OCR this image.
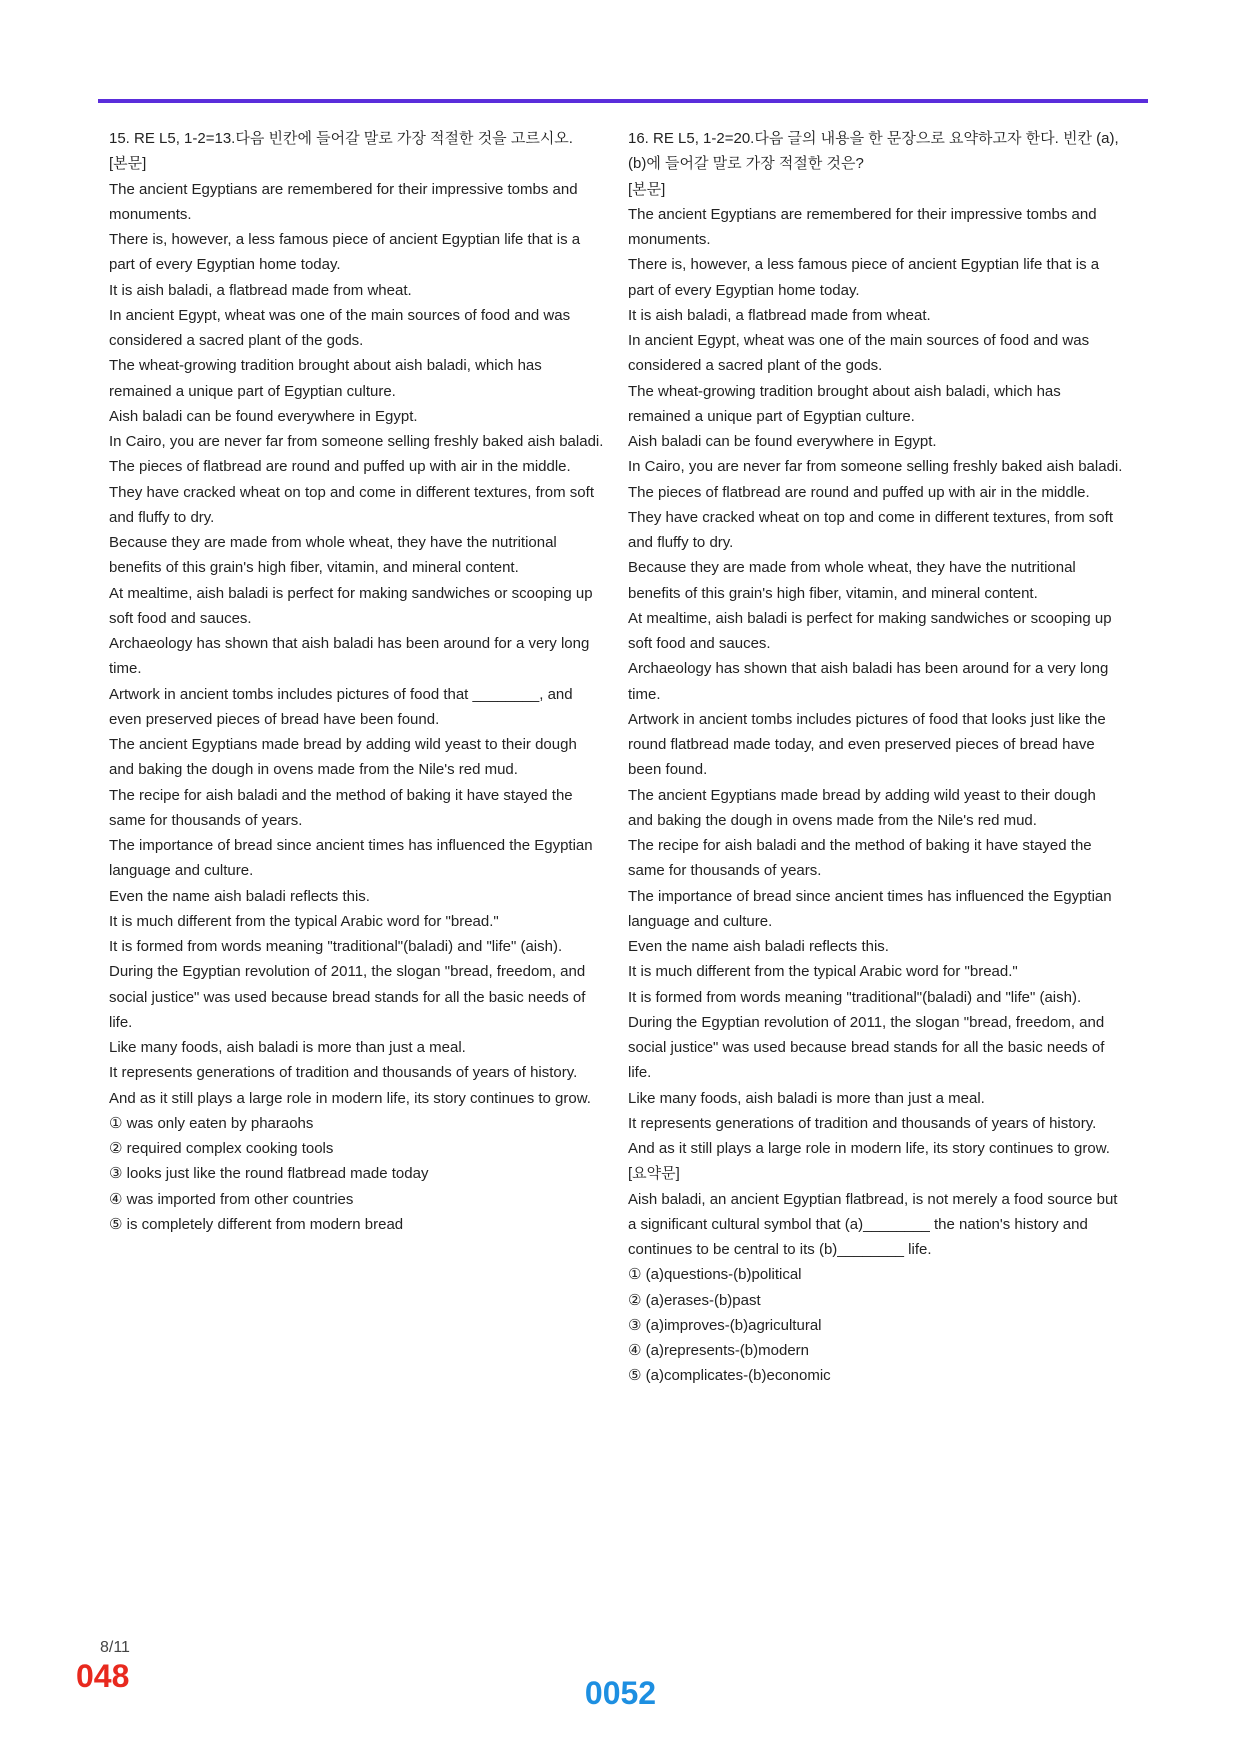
15. RE L5, 1-2=13.다음 빈칸에 들어갈 말로 가장 적절한 것을 고르시오.
[본문]
The ancient Egyptians are remembered for their impressive tombs and
monuments.
There is, however, a less famous piece of ancient Egyptian life that is a
part of every Egyptian home today.
It is aish baladi, a flatbread made from wheat.
In ancient Egypt, wheat was one of the main sources of food and was
considered a sacred plant of the gods.
The wheat-growing tradition brought about aish baladi, which has
remained a unique part of Egyptian culture.
Aish baladi can be found everywhere in Egypt.
In Cairo, you are never far from someone selling freshly baked aish baladi.
The pieces of flatbread are round and puffed up with air in the middle.
They have cracked wheat on top and come in different textures, from soft
and fluffy to dry.
Because they are made from whole wheat, they have the nutritional
benefits of this grain's high fiber, vitamin, and mineral content.
At mealtime, aish baladi is perfect for making sandwiches or scooping up
soft food and sauces.
Archaeology has shown that aish baladi has been around for a very long
time.
Artwork in ancient tombs includes pictures of food that ________, and
even preserved pieces of bread have been found.
The ancient Egyptians made bread by adding wild yeast to their dough
and baking the dough in ovens made from the Nile's red mud.
The recipe for aish baladi and the method of baking it have stayed the
same for thousands of years.
The importance of bread since ancient times has influenced the Egyptian
language and culture.
Even the name aish baladi reflects this.
It is much different from the typical Arabic word for "bread."
It is formed from words meaning "traditional"(baladi) and "life" (aish).
During the Egyptian revolution of 2011, the slogan "bread, freedom, and
social justice" was used because bread stands for all the basic needs of
life.
Like many foods, aish baladi is more than just a meal.
It represents generations of tradition and thousands of years of history.
And as it still plays a large role in modern life, its story continues to grow.
① was only eaten by pharaohs
② required complex cooking tools
③ looks just like the round flatbread made today
④ was imported from other countries
⑤ is completely different from modern bread
16. RE L5, 1-2=20.다음 글의 내용을 한 문장으로 요약하고자 한다. 빈칸 (a),
(b)에 들어갈 말로 가장 적절한 것은?
[본문]
The ancient Egyptians are remembered for their impressive tombs and
monuments.
There is, however, a less famous piece of ancient Egyptian life that is a
part of every Egyptian home today.
It is aish baladi, a flatbread made from wheat.
In ancient Egypt, wheat was one of the main sources of food and was
considered a sacred plant of the gods.
The wheat-growing tradition brought about aish baladi, which has
remained a unique part of Egyptian culture.
Aish baladi can be found everywhere in Egypt.
In Cairo, you are never far from someone selling freshly baked aish baladi.
The pieces of flatbread are round and puffed up with air in the middle.
They have cracked wheat on top and come in different textures, from soft
and fluffy to dry.
Because they are made from whole wheat, they have the nutritional
benefits of this grain's high fiber, vitamin, and mineral content.
At mealtime, aish baladi is perfect for making sandwiches or scooping up
soft food and sauces.
Archaeology has shown that aish baladi has been around for a very long
time.
Artwork in ancient tombs includes pictures of food that looks just like the
round flatbread made today, and even preserved pieces of bread have
been found.
The ancient Egyptians made bread by adding wild yeast to their dough
and baking the dough in ovens made from the Nile's red mud.
The recipe for aish baladi and the method of baking it have stayed the
same for thousands of years.
The importance of bread since ancient times has influenced the Egyptian
language and culture.
Even the name aish baladi reflects this.
It is much different from the typical Arabic word for "bread."
It is formed from words meaning "traditional"(baladi) and "life" (aish).
During the Egyptian revolution of 2011, the slogan "bread, freedom, and
social justice" was used because bread stands for all the basic needs of
life.
Like many foods, aish baladi is more than just a meal.
It represents generations of tradition and thousands of years of history.
And as it still plays a large role in modern life, its story continues to grow.
[요약문]
Aish baladi, an ancient Egyptian flatbread, is not merely a food source but
a significant cultural symbol that (a)________ the nation's history and
continues to be central to its (b)________ life.
① (a)questions-(b)political
② (a)erases-(b)past
③ (a)improves-(b)agricultural
④ (a)represents-(b)modern
⑤ (a)complicates-(b)economic
8/11
048	0052
